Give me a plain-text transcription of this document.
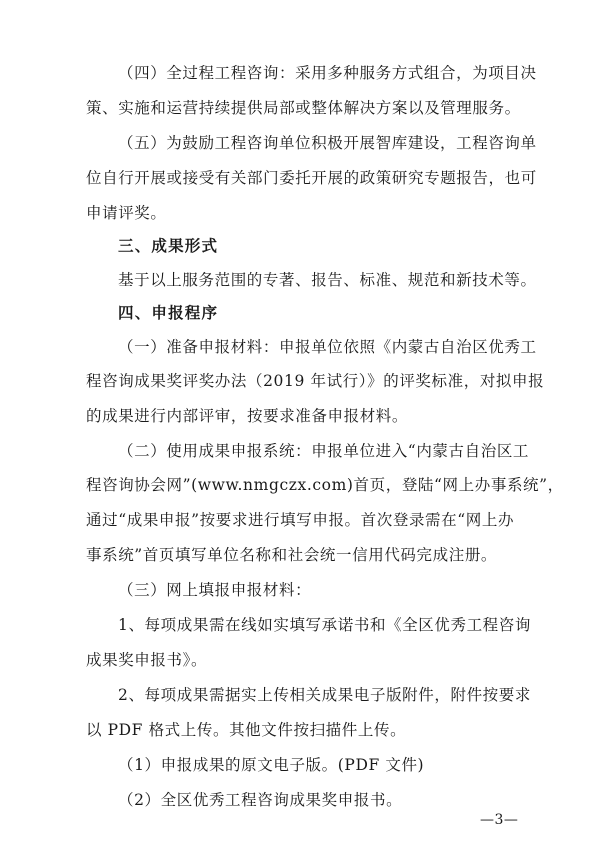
（四）全过程工程咨询：采用多种服务方式组合，为项目决
策、实施和运营持续提供局部或整体解决方案以及管理服务。
（五）为鼓励工程咨询单位积极开展智库建设，工程咨询单
位自行开展或接受有关部门委托开展的政策研究专题报告，也可
申请评奖。
三、成果形式
基于以上服务范围的专著、报告、标准、规范和新技术等。
四、申报程序
（一）准备申报材料：申报单位依照《内蒙古自治区优秀工
程咨询成果奖评奖办法（2019 年试行）》的评奖标准，对拟申报
的成果进行内部评审，按要求准备申报材料。
（二）使用成果申报系统：申报单位进入“内蒙古自治区工
程咨询协会网”(www.nmgczx.com)首页，登陆“网上办事系统”，
通过“成果申报”按要求进行填写申报。首次登录需在“网上办
事系统”首页填写单位名称和社会统一信用代码完成注册。
（三）网上填报申报材料：
1、每项成果需在线如实填写承诺书和《全区优秀工程咨询
成果奖申报书》。
2、每项成果需据实上传相关成果电子版附件，附件按要求
以 PDF 格式上传。其他文件按扫描件上传。
（1）申报成果的原文电子版。(PDF 文件)
（2）全区优秀工程咨询成果奖申报书。
—3—
